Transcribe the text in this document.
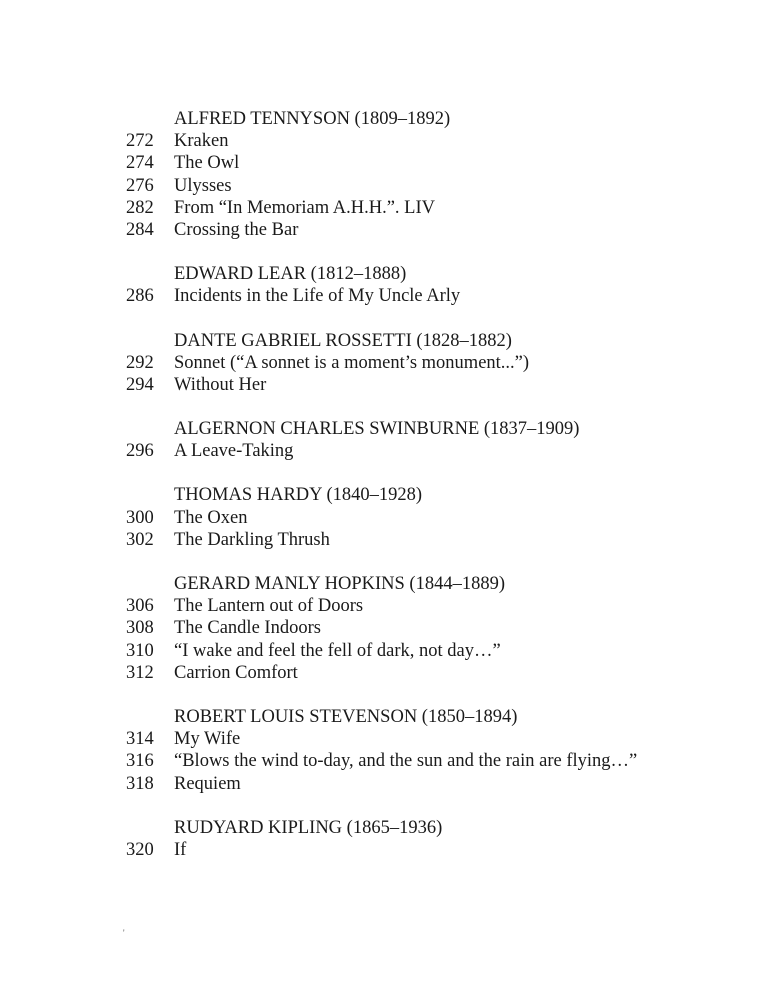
ALFRED TENNYSON (1809–1892)
272	Kraken
274	The Owl
276	Ulysses
282	From “In Memoriam A.H.H.”. LIV
284	Crossing the Bar
EDWARD LEAR (1812–1888)
286	Incidents in the Life of My Uncle Arly
DANTE GABRIEL ROSSETTI (1828–1882)
292	Sonnet (“A sonnet is a moment’s monument...”)
294	Without Her
ALGERNON CHARLES SWINBURNE (1837–1909)
296	A Leave-Taking
THOMAS HARDY (1840–1928)
300	The Oxen
302	The Darkling Thrush
GERARD MANLY HOPKINS (1844–1889)
306	The Lantern out of Doors
308	The Candle Indoors
310	“I wake and feel the fell of dark, not day…”
312	Carrion Comfort
ROBERT LOUIS STEVENSON (1850–1894)
314	My Wife
316	“Blows the wind to-day, and the sun and the rain are flying…”
318	Requiem
RUDYARD KIPLING (1865–1936)
320	If
'
